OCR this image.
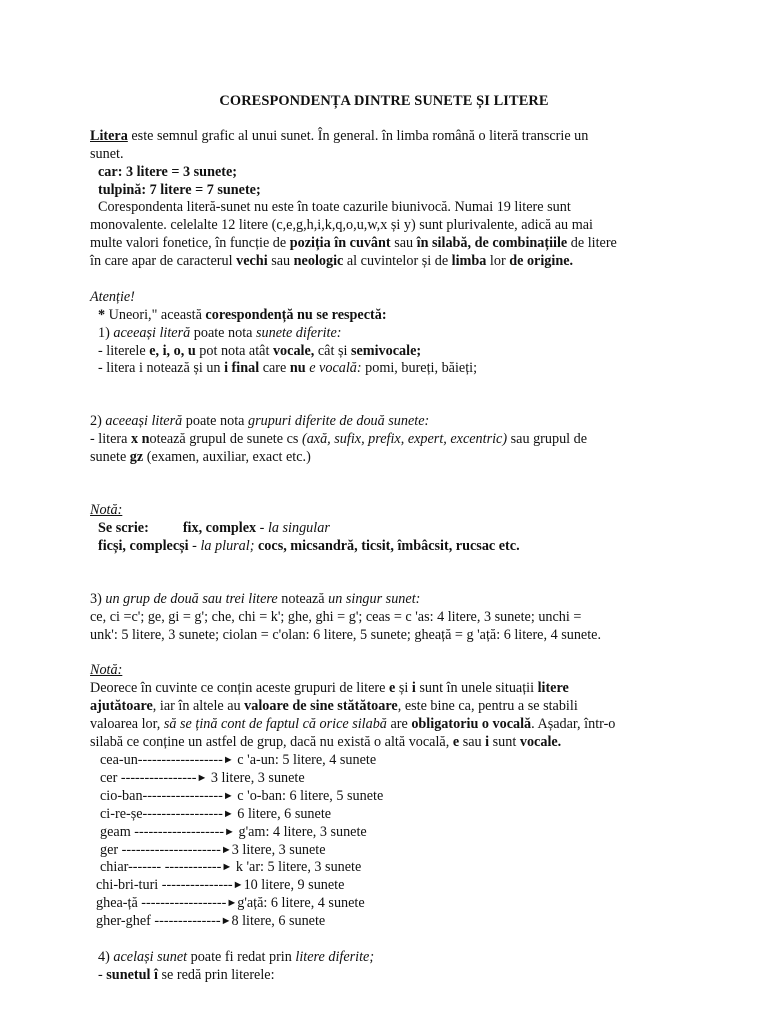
CORESPONDENȚA DINTRE SUNETE ȘI LITERE
Litera este semnul grafic al unui sunet. În general. în limba română o literă transcrie un
sunet.
car: 3 litere = 3 sunete;
tulpină: 7 litere = 7 sunete;
Corespondenta literă-sunet nu este în toate cazurile biunivocă. Numai 19 litere sunt
monovalente. celelalte 12 litere (c,e,g,h,i,k,q,o,u,w,x și y) sunt plurivalente, adică au mai
multe valori fonetice, în funcție de poziția în cuvânt sau în silabă, de combinațiile de litere
în care apar de caracterul vechi sau neologic al cuvintelor și de limba lor de origine.
Atenție!
* Uneori," această corespondență nu se respectă:
1) aceeași literă poate nota sunete diferite:
- literele e, i, o, u pot nota atât vocale, cât și semivocale;
- litera i notează și un i final care nu e vocală: pomi, bureți, băieți;
2) aceeași literă poate nota grupuri diferite de două sunete:
- litera x notează grupul de sunete cs (axă, sufix, prefix, expert, excentric) sau grupul de
sunete gz (examen, auxiliar, exact etc.)
Notă:
Se scrie: fix, complex - la singular
ficși, complecși - la plural; cocs, micsandră, ticsit, îmbâcsit, rucsac etc.
3) un grup de două sau trei litere notează un singur sunet:
ce, ci =c'; ge, gi = g'; che, chi = k'; ghe, ghi = g'; ceas = c 'as: 4 litere, 3 sunete; unchi =
unk': 5 litere, 3 sunete; ciolan = c'olan: 6 litere, 5 sunete; gheață = g 'ață: 6 litere, 4 sunete.
Notă:
Deorece în cuvinte ce conțin aceste grupuri de litere e și i sunt în unele situații litere
ajutătoare, iar în altele au valoare de sine stătătoare, este bine ca, pentru a se stabili
valoarea lor, să se țină cont de faptul că orice silabă are obligatoriu o vocală. Așadar, într-o
silabă ce conține un astfel de grup, dacă nu există o altă vocală, e sau i sunt vocale.
cea-un------------------► c 'a-un: 5 litere, 4 sunete
cer ----------------► 3 litere, 3 sunete
cio-ban-----------------► c 'o-ban: 6 litere, 5 sunete
ci-re-șe-----------------► 6 litere, 6 sunete
geam -------------------► g'am: 4 litere, 3 sunete
ger ---------------------►3 litere, 3 sunete
chiar------- ------------► k 'ar: 5 litere, 3 sunete
chi-bri-turi ---------------►10 litere, 9 sunete
ghea-ță ------------------►g'ață: 6 litere, 4 sunete
gher-ghef --------------►8 litere, 6 sunete
4) același sunet poate fi redat prin litere diferite;
- sunetul î se redă prin literele:
